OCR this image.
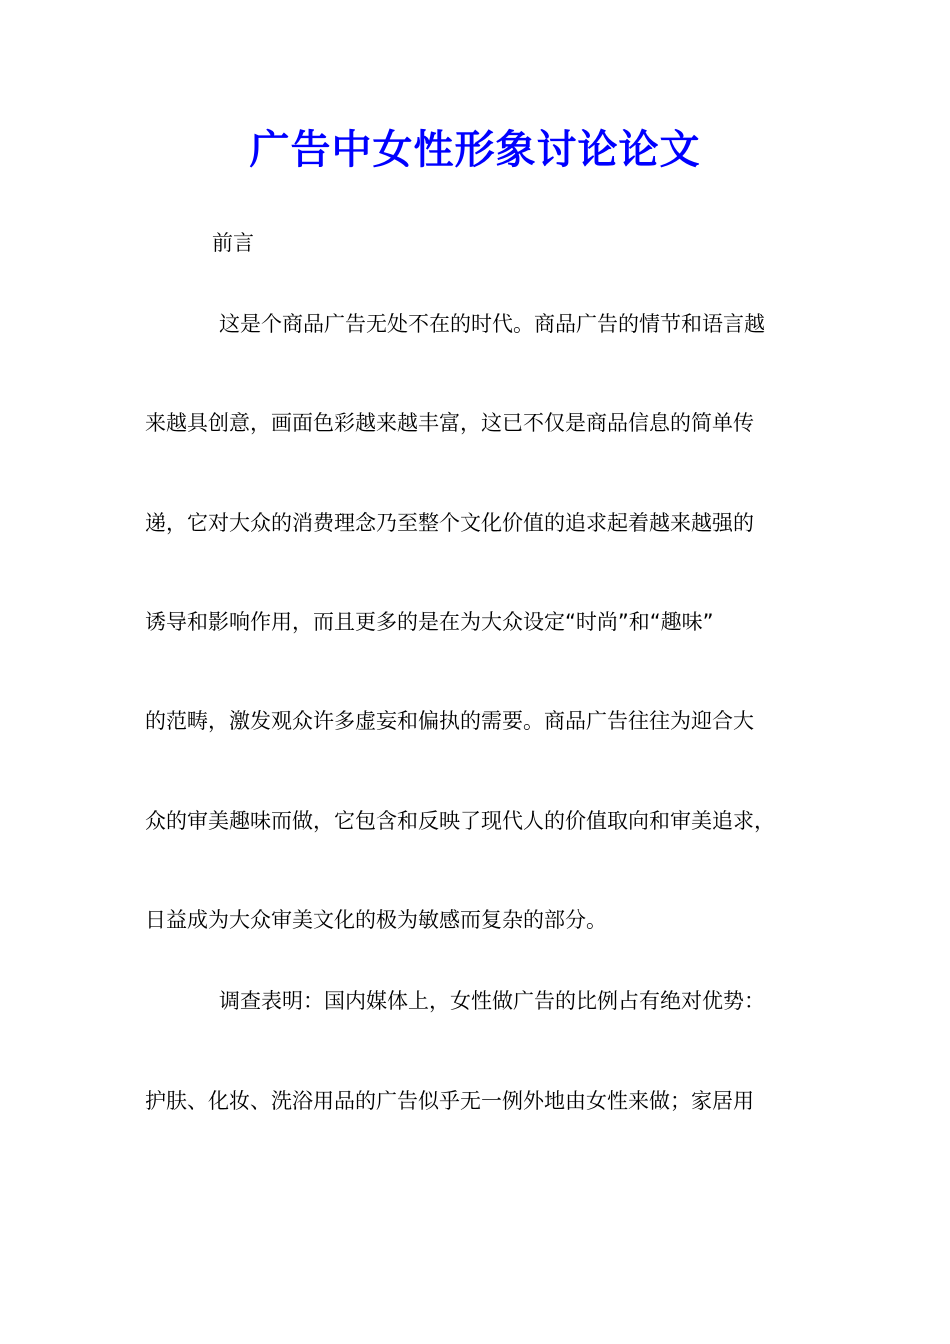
广告中女性形象讨论论文
前言
这是个商品广告无处不在的时代。商品广告的情节和语言越
来越具创意，画面色彩越来越丰富，这已不仅是商品信息的简单传
递，它对大众的消费理念乃至整个文化价值的追求起着越来越强的
诱导和影响作用，而且更多的是在为大众设定“时尚”和“趣味”
的范畴，激发观众许多虚妄和偏执的需要。商品广告往往为迎合大
众的审美趣味而做，它包含和反映了现代人的价值取向和审美追求，
日益成为大众审美文化的极为敏感而复杂的部分。
调查表明：国内媒体上，女性做广告的比例占有绝对优势：
护肤、化妆、洗浴用品的广告似乎无一例外地由女性来做；家居用
